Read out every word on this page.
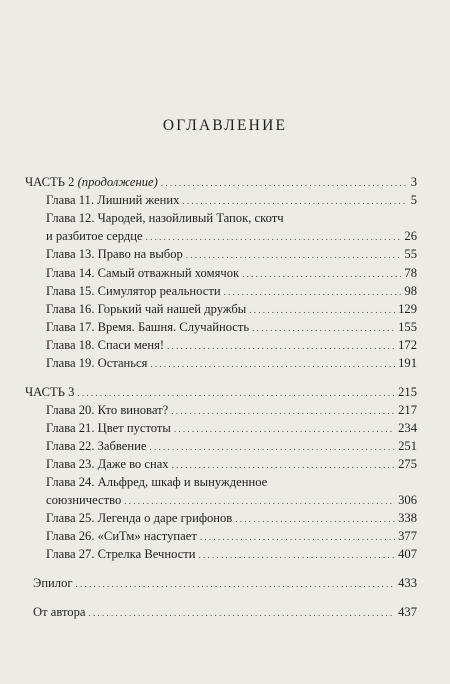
ОГЛАВЛЕНИЕ
ЧАСТЬ 2 (продолжение) . . .	3
Глава 11. Лишний жених . . .	5
Глава 12. Чародей, назойливый Тапок, скотч
и разбитое сердце . . .	26
Глава 13. Право на выбор . . .	55
Глава 14. Самый отважный хомячок . . .	78
Глава 15. Симулятор реальности . . .	98
Глава 16. Горький чай нашей дружбы . . .	129
Глава 17. Время. Башня. Случайность . . .	155
Глава 18. Спаси меня! . . .	172
Глава 19. Останься . . .	191
ЧАСТЬ 3 . . .	215
Глава 20. Кто виноват? . . .	217
Глава 21. Цвет пустоты . . .	234
Глава 22. Забвение . . .	251
Глава 23. Даже во снах . . .	275
Глава 24. Альфред, шкаф и вынужденное
союзничество . . .	306
Глава 25. Легенда о даре грифонов . . .	338
Глава 26. «СиТм» наступает . . .	377
Глава 27. Стрелка Вечности . . .	407
Эпилог . . .	433
От автора . . .	437
